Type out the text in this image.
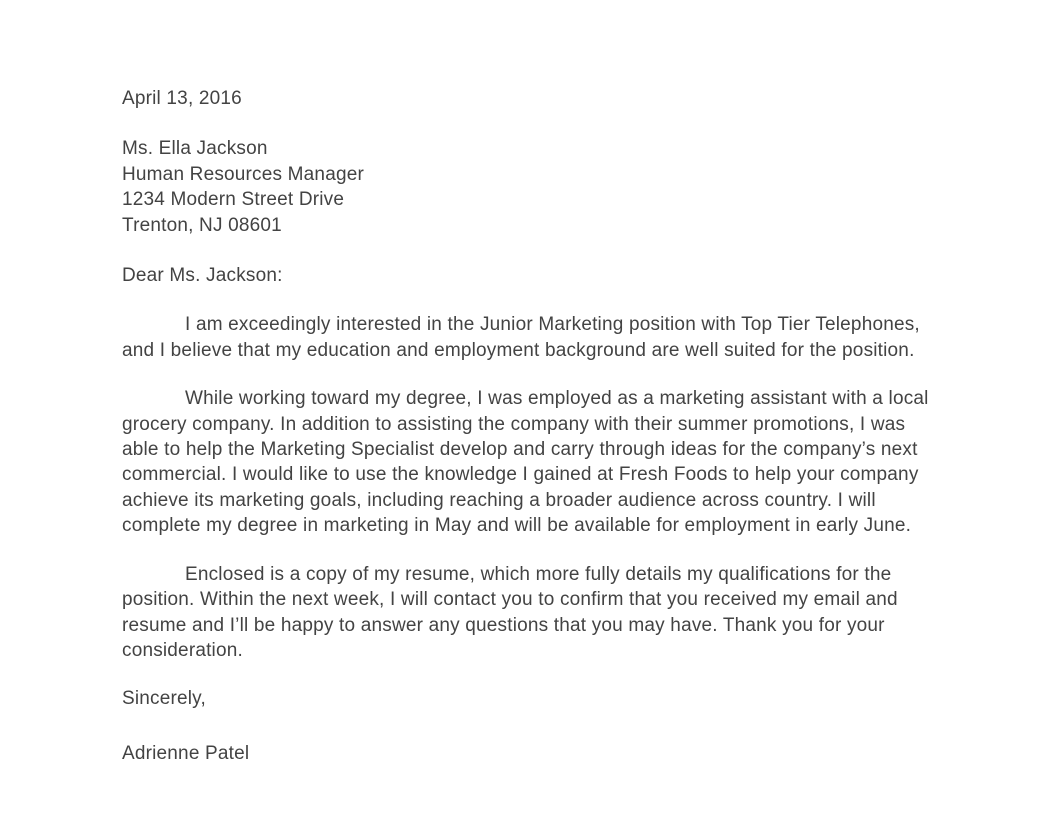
April 13, 2016
Ms. Ella Jackson
Human Resources Manager
1234 Modern Street Drive
Trenton, NJ 08601
Dear Ms. Jackson:

I am exceedingly interested in the Junior Marketing position with Top Tier Telephones, and I believe that my education and employment background are well suited for the position.

While working toward my degree, I was employed as a marketing assistant with a local grocery company. In addition to assisting the company with their summer promotions, I was able to help the Marketing Specialist develop and carry through ideas for the company’s next commercial. I would like to use the knowledge I gained at Fresh Foods to help your company achieve its marketing goals, including reaching a broader audience across country. I will complete my degree in marketing in May and will be available for employment in early June.

Enclosed is a copy of my resume, which more fully details my qualifications for the position. Within the next week, I will contact you to confirm that you received my email and resume and I’ll be happy to answer any questions that you may have. Thank you for your consideration.

Sincerely,
Adrienne Patel
